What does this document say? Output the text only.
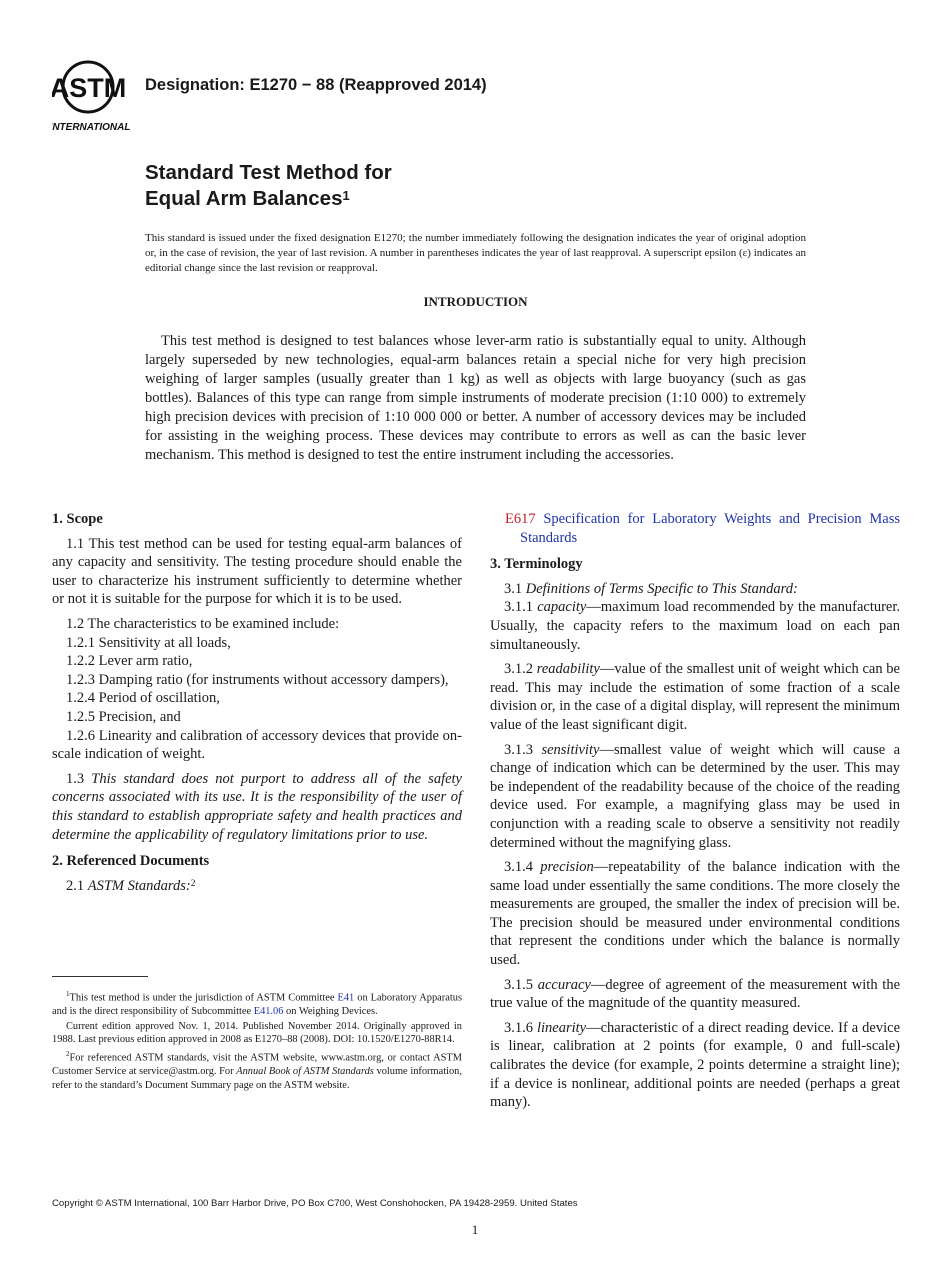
ASTM
INTERNATIONAL
Designation: E1270 − 88 (Reapproved 2014)
Standard Test Method for
Equal Arm Balances$^1$
This standard is issued under the fixed designation E1270; the number immediately following the designation indicates the year of original adoption or, in the case of revision, the year of last revision. A number in parentheses indicates the year of last reapproval. A superscript epsilon (ε) indicates an editorial change since the last revision or reapproval.
INTRODUCTION
This test method is designed to test balances whose lever-arm ratio is substantially equal to unity. Although largely superseded by new technologies, equal-arm balances retain a special niche for very high precision weighing of larger samples (usually greater than 1 kg) as well as objects with large buoyancy (such as gas bottles). Balances of this type can range from simple instruments of moderate precision (1:10 000) to extremely high precision devices with precision of 1:10 000 000 or better. A number of accessory devices may be included for assisting in the weighing process. These devices may contribute to errors as well as can the basic lever mechanism. This method is designed to test the entire instrument including the accessories.

1. Scope

1.1 This test method can be used for testing equal-arm balances of any capacity and sensitivity. The testing procedure should enable the user to characterize his instrument sufficiently to determine whether or not it is suitable for the purpose for which it is to be used.

1.2 The characteristics to be examined include:

1.2.1 Sensitivity at all loads,

1.2.2 Lever arm ratio,

1.2.3 Damping ratio (for instruments without accessory dampers),

1.2.4 Period of oscillation,

1.2.5 Precision, and

1.2.6 Linearity and calibration of accessory devices that provide on-scale indication of weight.

1.3 This standard does not purport to address all of the safety concerns associated with its use. It is the responsibility of the user of this standard to establish appropriate safety and health practices and determine the applicability of regulatory limitations prior to use.

2. Referenced Documents

2.1 ASTM Standards:$^2$

E617 Specification for Laboratory Weights and Precision Mass Standards

3. Terminology

3.1 Definitions of Terms Specific to This Standard:

3.1.1 capacity—maximum load recommended by the manufacturer. Usually, the capacity refers to the maximum load on each pan simultaneously.

3.1.2 readability—value of the smallest unit of weight which can be read. This may include the estimation of some fraction of a scale division or, in the case of a digital display, will represent the minimum value of the least significant digit.

3.1.3 sensitivity—smallest value of weight which will cause a change of indication which can be determined by the user. This may be independent of the readability because of the choice of the reading device used. For example, a magnifying glass may be used in conjunction with a reading scale to observe a sensitivity not readily determined without the magnifying glass.

3.1.4 precision—repeatability of the balance indication with the same load under essentially the same conditions. The more closely the measurements are grouped, the smaller the index of precision will be. The precision should be measured under environmental conditions that represent the conditions under which the balance is normally used.

3.1.5 accuracy—degree of agreement of the measurement with the true value of the magnitude of the quantity measured.

3.1.6 linearity—characteristic of a direct reading device. If a device is linear, calibration at 2 points (for example, 0 and full-scale) calibrates the device (for example, 2 points determine a straight line); if a device is nonlinear, additional points are needed (perhaps a great many).

$^1$This test method is under the jurisdiction of ASTM Committee E41 on Laboratory Apparatus and is the direct responsibility of Subcommittee E41.06 on Weighing Devices.

Current edition approved Nov. 1, 2014. Published November 2014. Originally approved in 1988. Last previous edition approved in 2008 as E1270–88 (2008). DOI: 10.1520/E1270-88R14.

$^2$For referenced ASTM standards, visit the ASTM website, www.astm.org, or contact ASTM Customer Service at service@astm.org. For Annual Book of ASTM Standards volume information, refer to the standard’s Document Summary page on the ASTM website.

Copyright © ASTM International, 100 Barr Harbor Drive, PO Box C700, West Conshohocken, PA 19428-2959. United States
1
